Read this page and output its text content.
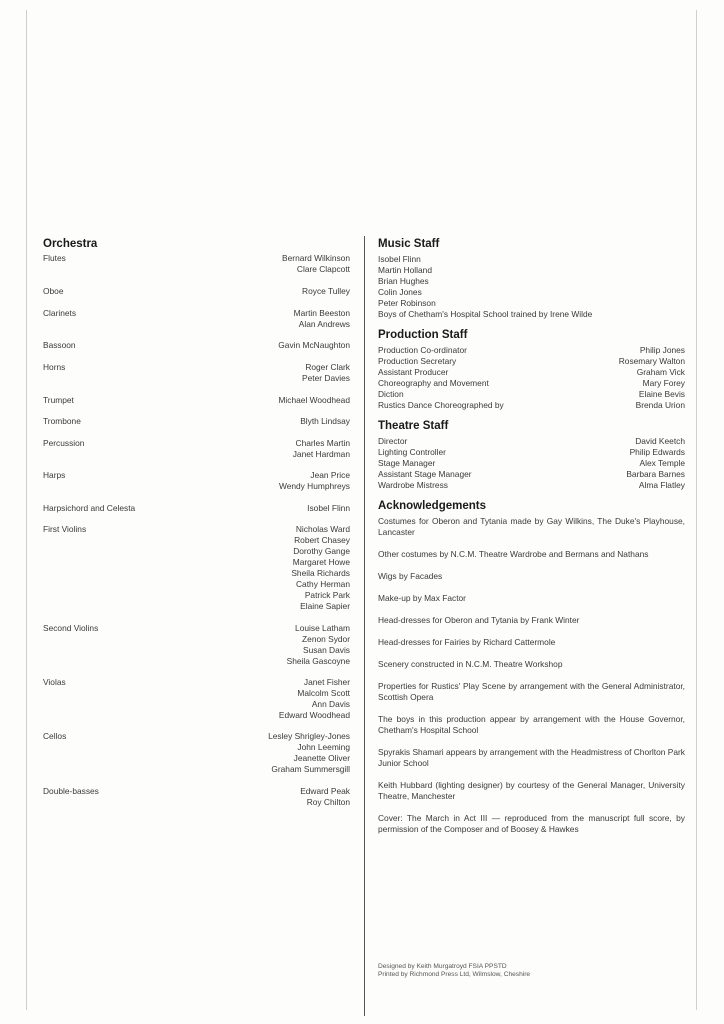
Orchestra
Flutes	Bernard Wilkinson
Clare Clapcott
Oboe	Royce Tulley
Clarinets	Martin Beeston
Alan Andrews
Bassoon	Gavin McNaughton
Horns	Roger Clark
Peter Davies
Trumpet	Michael Woodhead
Trombone	Blyth Lindsay
Percussion	Charles Martin
Janet Hardman
Harps	Jean Price
Wendy Humphreys
Harpsichord and Celesta	Isobel Flinn
First Violins	Nicholas Ward
Robert Chasey
Dorothy Gange
Margaret Howe
Sheila Richards
Cathy Herman
Patrick Park
Elaine Sapier
Second Violins	Louise Latham
Zenon Sydor
Susan Davis
Sheila Gascoyne
Violas	Janet Fisher
Malcolm Scott
Ann Davis
Edward Woodhead
Cellos	Lesley Shrigley-Jones
John Leeming
Jeanette Oliver
Graham Summersgill
Double-basses	Edward Peak
Roy Chilton
Music Staff
Isobel Flinn
Martin Holland
Brian Hughes
Colin Jones
Peter Robinson
Boys of Chetham's Hospital School trained by Irene Wilde
Production Staff
Production Co-ordinator	Philip Jones
Production Secretary	Rosemary Walton
Assistant Producer	Graham Vick
Choreography and Movement	Mary Forey
Diction	Elaine Bevis
Rustics Dance Choreographed by	Brenda Urion
Theatre Staff
Director	David Keetch
Lighting Controller	Philip Edwards
Stage Manager	Alex Temple
Assistant Stage Manager	Barbara Barnes
Wardrobe Mistress	Alma Flatley
Acknowledgements

Costumes for Oberon and Tytania made by Gay Wilkins, The Duke's Playhouse, Lancaster

Other costumes by N.C.M. Theatre Wardrobe and Bermans and Nathans

Wigs by Facades

Make-up by Max Factor

Head-dresses for Oberon and Tytania by Frank Winter

Head-dresses for Fairies by Richard Cattermole

Scenery constructed in N.C.M. Theatre Workshop

Properties for Rustics' Play Scene by arrangement with the General Administrator, Scottish Opera

The boys in this production appear by arrangement with the House Governor, Chetham's Hospital School

Spyrakis Shamari appears by arrangement with the Headmistress of Chorlton Park Junior School

Keith Hubbard (lighting designer) by courtesy of the General Manager, University Theatre, Manchester

Cover: The March in Act III — reproduced from the manuscript full score, by permission of the Composer and of Boosey & Hawkes

Designed by Keith Murgatroyd FSIA PPSTD
Printed by Richmond Press Ltd, Wilmslow, Cheshire
